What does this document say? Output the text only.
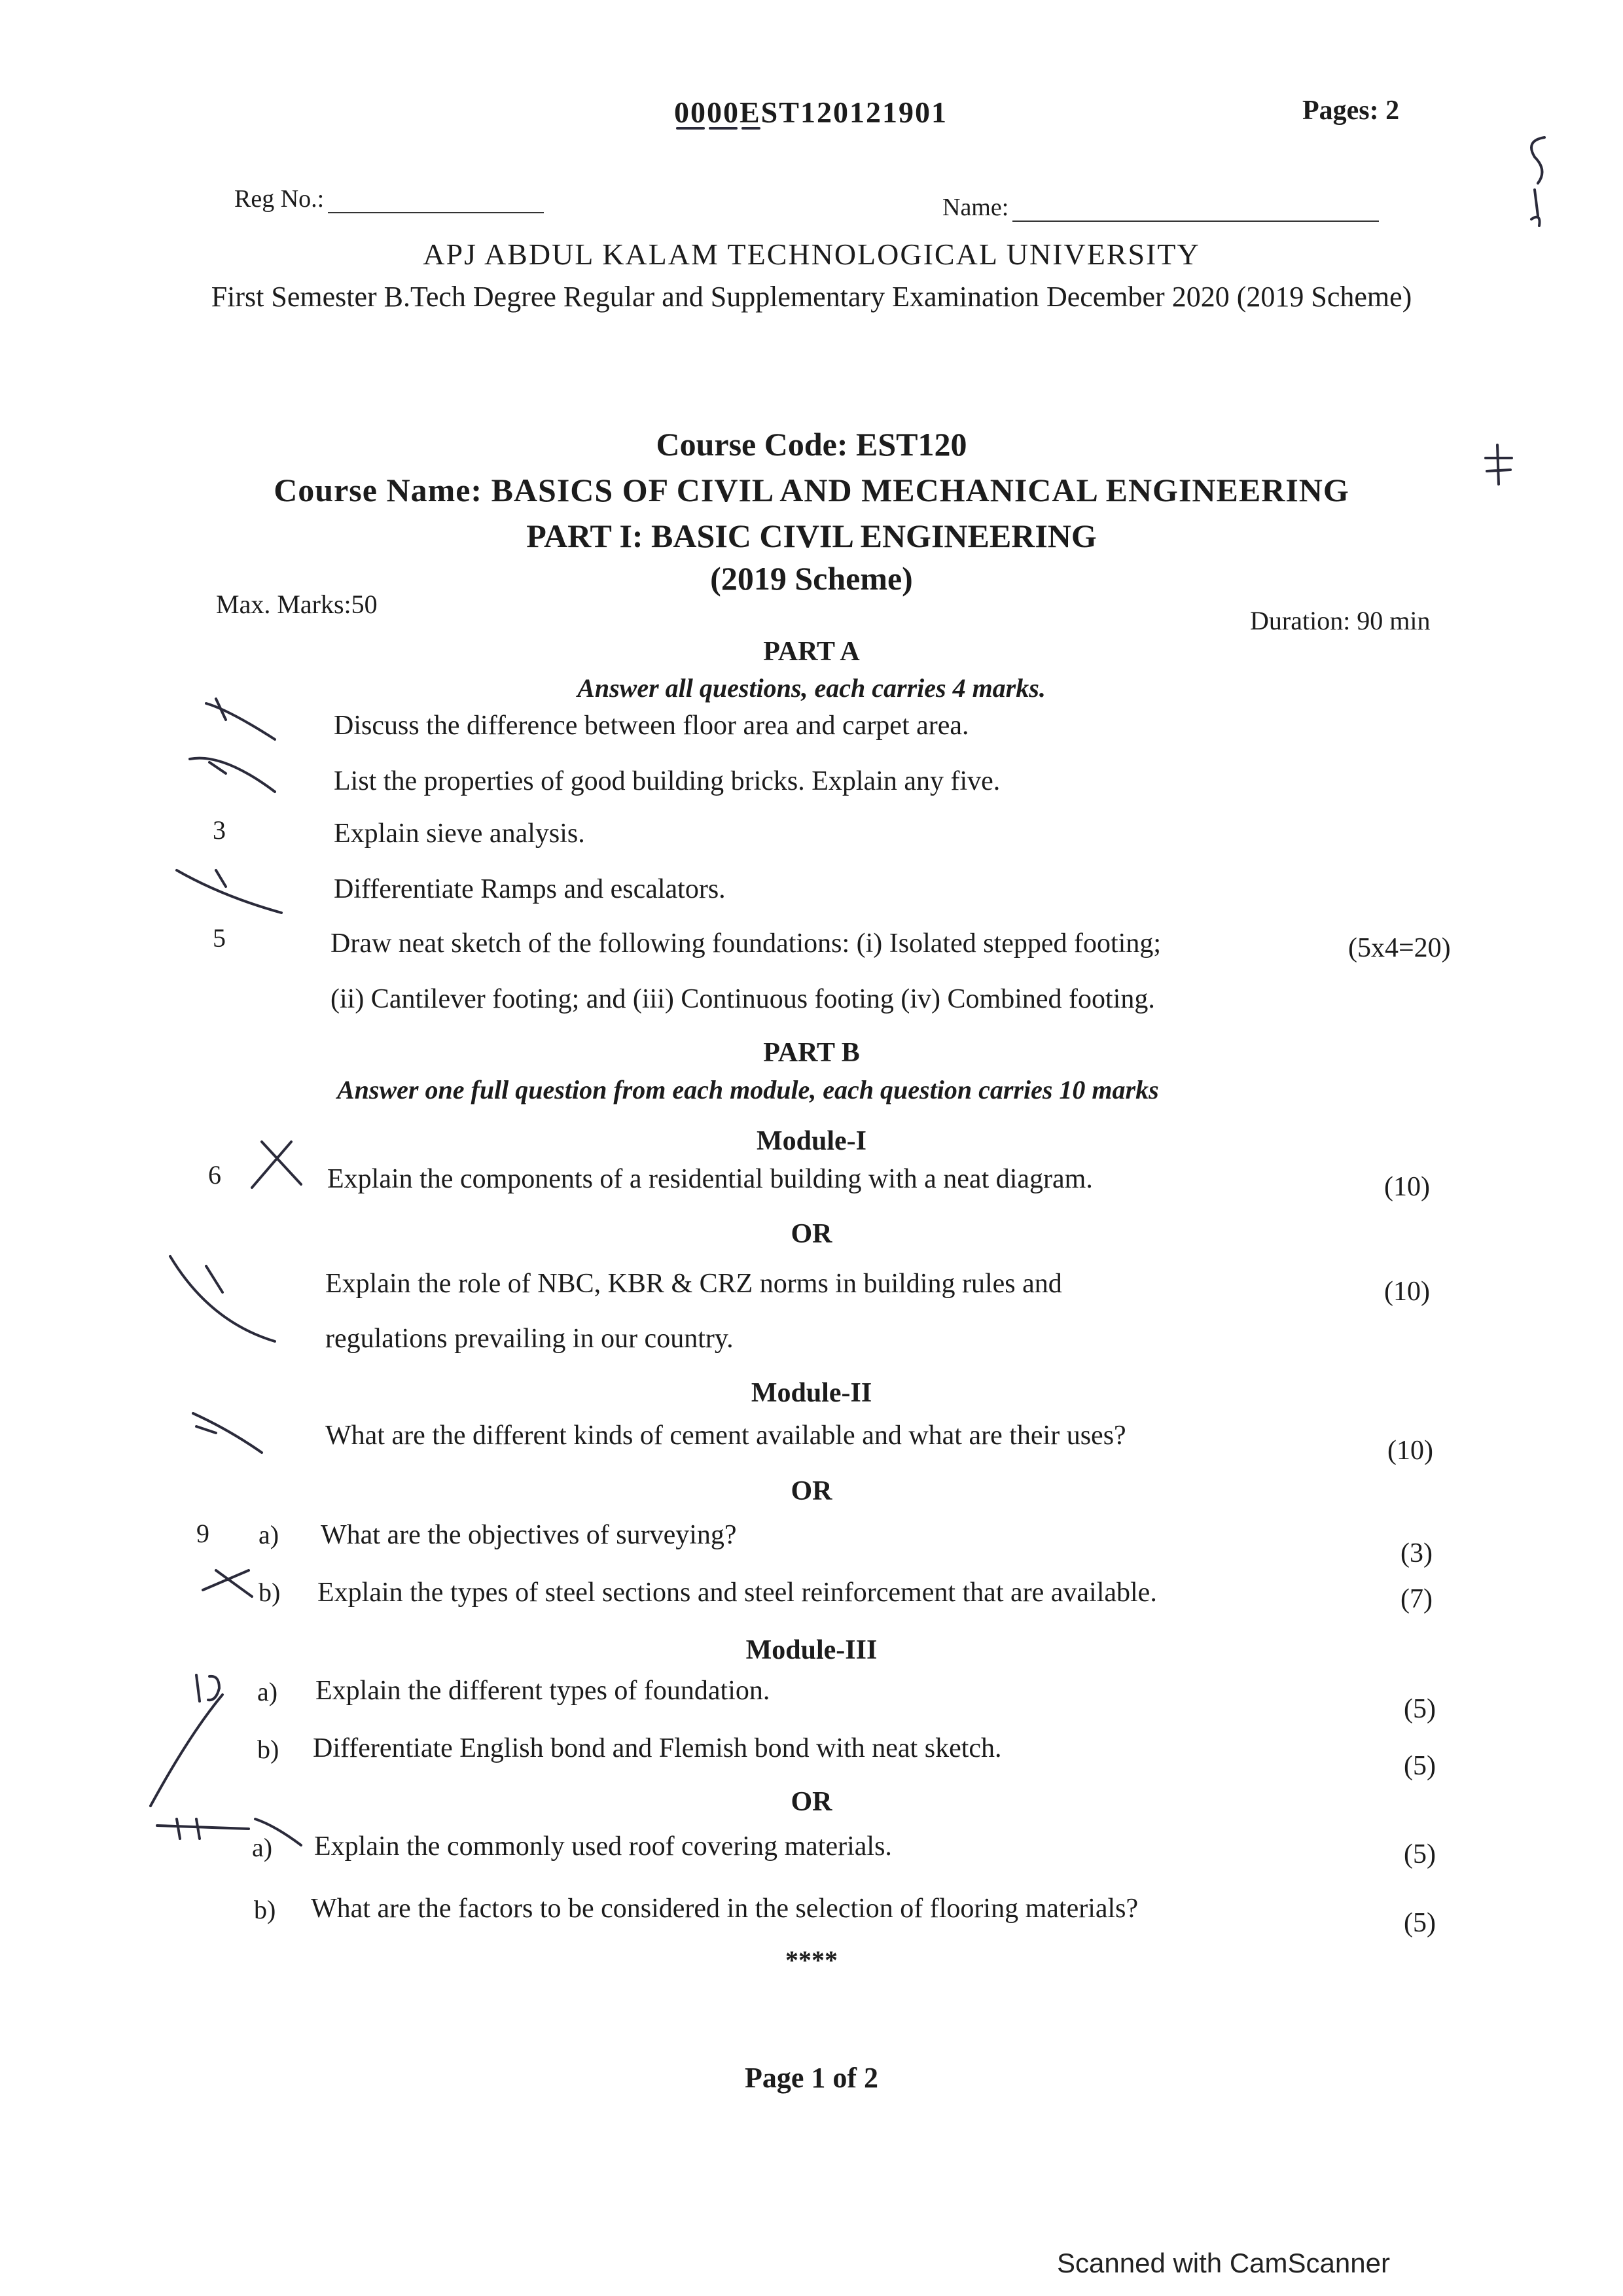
0000EST120121901	Pages: 2
Reg No.:	Name:
APJ ABDUL KALAM TECHNOLOGICAL UNIVERSITY
First Semester B.Tech Degree Regular and Supplementary Examination December 2020 (2019 Scheme)
Course Code: EST120
Course Name: BASICS OF CIVIL AND MECHANICAL ENGINEERING
PART I: BASIC CIVIL ENGINEERING
(2019 Scheme)
Max. Marks:50
Duration: 90 min
PART A
Answer all questions, each carries 4 marks.
Discuss the difference between floor area and carpet area.
List the properties of good building bricks. Explain any five.
3	Explain sieve analysis.
Differentiate Ramps and escalators.
5	Draw neat sketch of the following foundations: (i) Isolated stepped footing;	(5x4=20)
(ii) Cantilever footing; and (iii) Continuous footing (iv) Combined footing.
PART B
Answer one full question from each module, each question carries 10 marks
Module-I
6	Explain the components of a residential building with a neat diagram.	(10)
OR
Explain the role of NBC, KBR & CRZ norms in building rules and	(10)
regulations prevailing in our country.
Module-II
What are the different kinds of cement available and what are their uses?	(10)
OR
9 a) What are the objectives of surveying?
(3)
b) Explain the types of steel sections and steel reinforcement that are available.	(7)
Module-III
a) Explain the different types of foundation.
(5)
b) Differentiate English bond and Flemish bond with neat sketch.
(5)
OR
a) Explain the commonly used roof covering materials.	(5)
b) What are the factors to be considered in the selection of flooring materials?	(5)
****
Page 1 of 2
Scanned with CamScanner
